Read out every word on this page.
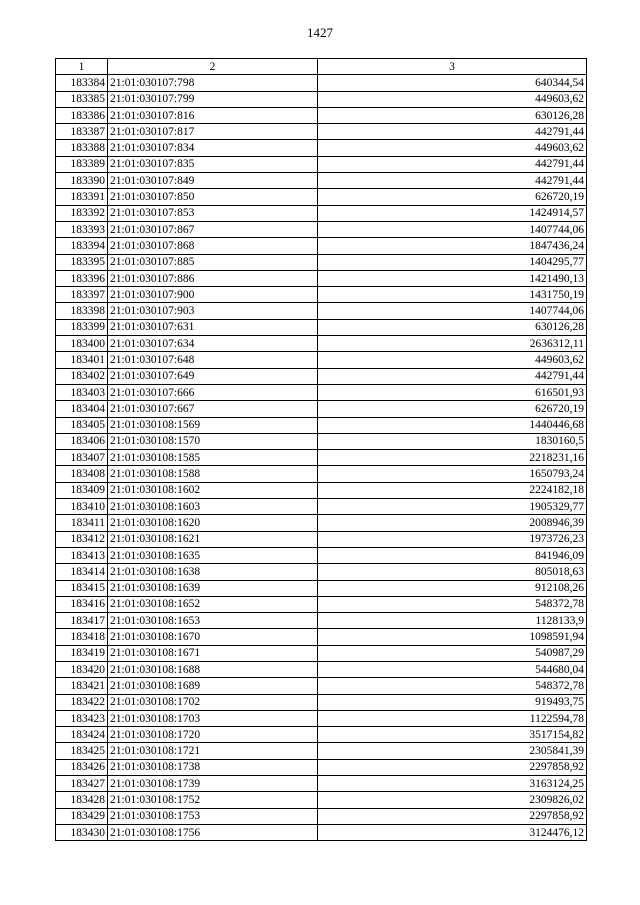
1427
1	2	3
183384	21:01:030107:798	640344,54
183385	21:01:030107:799	449603,62
183386	21:01:030107:816	630126,28
183387	21:01:030107:817	442791,44
183388	21:01:030107:834	449603,62
183389	21:01:030107:835	442791,44
183390	21:01:030107:849	442791,44
183391	21:01:030107:850	626720,19
183392	21:01:030107:853	1424914,57
183393	21:01:030107:867	1407744,06
183394	21:01:030107:868	1847436,24
183395	21:01:030107:885	1404295,77
183396	21:01:030107:886	1421490,13
183397	21:01:030107:900	1431750,19
183398	21:01:030107:903	1407744,06
183399	21:01:030107:631	630126,28
183400	21:01:030107:634	2636312,11
183401	21:01:030107:648	449603,62
183402	21:01:030107:649	442791,44
183403	21:01:030107:666	616501,93
183404	21:01:030107:667	626720,19
183405	21:01:030108:1569	1440446,68
183406	21:01:030108:1570	1830160,5
183407	21:01:030108:1585	2218231,16
183408	21:01:030108:1588	1650793,24
183409	21:01:030108:1602	2224182,18
183410	21:01:030108:1603	1905329,77
183411	21:01:030108:1620	2008946,39
183412	21:01:030108:1621	1973726,23
183413	21:01:030108:1635	841946,09
183414	21:01:030108:1638	805018,63
183415	21:01:030108:1639	912108,26
183416	21:01:030108:1652	548372,78
183417	21:01:030108:1653	1128133,9
183418	21:01:030108:1670	1098591,94
183419	21:01:030108:1671	540987,29
183420	21:01:030108:1688	544680,04
183421	21:01:030108:1689	548372,78
183422	21:01:030108:1702	919493,75
183423	21:01:030108:1703	1122594,78
183424	21:01:030108:1720	3517154,82
183425	21:01:030108:1721	2305841,39
183426	21:01:030108:1738	2297858,92
183427	21:01:030108:1739	3163124,25
183428	21:01:030108:1752	2309826,02
183429	21:01:030108:1753	2297858,92
183430	21:01:030108:1756	3124476,12
